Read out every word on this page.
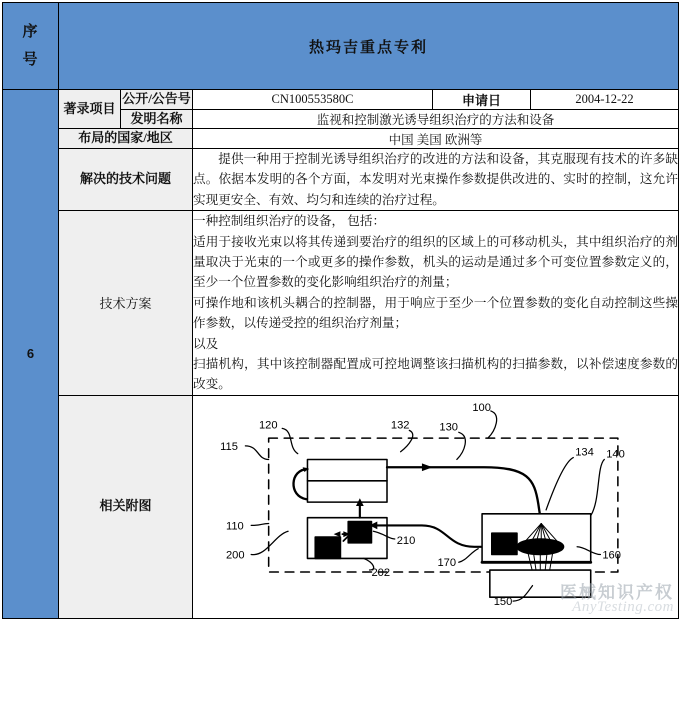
序
号	热玛吉重点专利				
6	著录项目	公开/公告号	CN100553580C	申请日	2004-12-22
		发明名称	监视和控制激光诱导组织治疗的方法和设备		
	布局的国家/地区		中国 美国 欧洲等		
	解决的技术问题		提供一种用于控制光诱导组织治疗的改进的方法和设备，其克服现有技术的许多缺点。依据本发明的各个方面，本发明对光束操作参数提供改进的、实时的控制，这允许实现更安全、有效、均匀和连续的治疗过程。		

	技术方案		一种控制组织治疗的设备， 包括：
适用于接收光束以将其传递到要治疗的组织的区域上的可移动机头，其中组织治疗的剂量取决于光束的一个或更多的操作参数，机头的运动是通过多个可变位置参数定义的，至少一个位置参数的变化影响组织治疗的剂量；
可操作地和该机头耦合的控制器，用于响应于至少一个位置参数的变化自动控制这些操作参数，以传递受控的组织治疗剂量；
以及
扫描机构，其中该控制器配置成可控地调整该扫描机构的扫描参数，以补偿速度参数的改变。		

相关附图	
115
120
110
200
202
210
132	130
100
134 140
160
170
150	医械知识产权
AnyTesting.com
